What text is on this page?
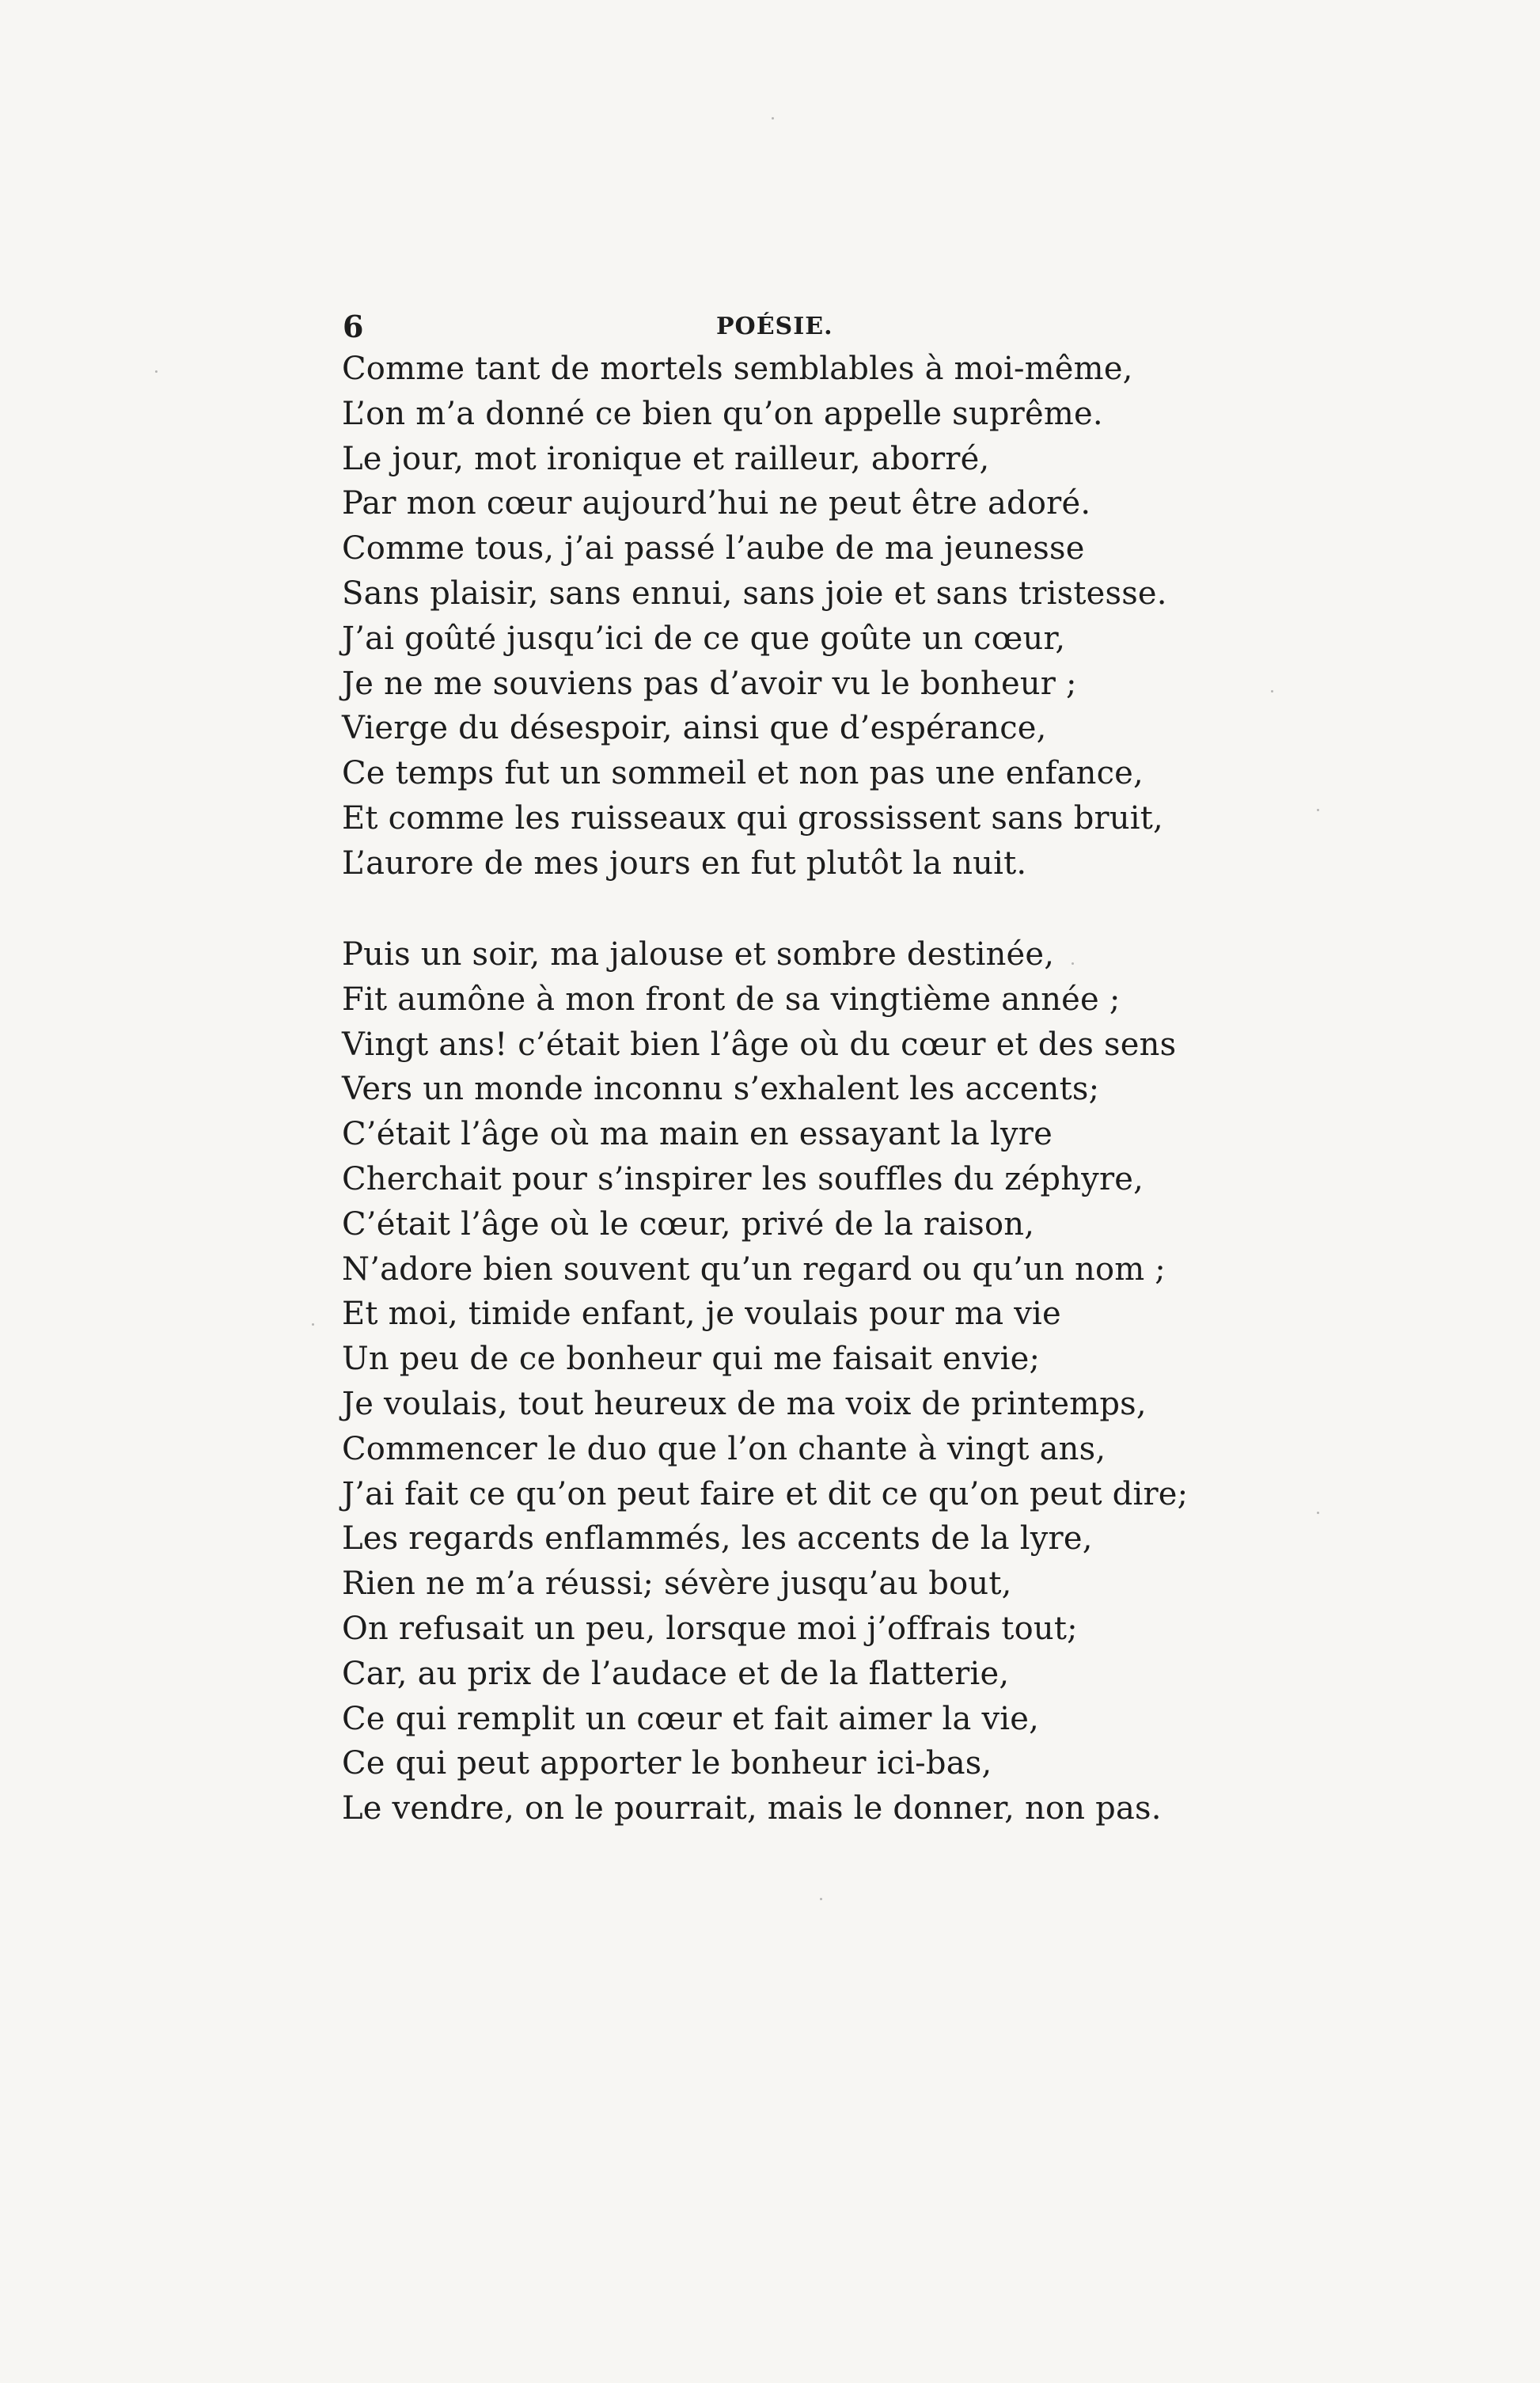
6	POÉSIE.
Comme tant de mortels semblables à moi-même,
L’on m’a donné ce bien qu’on appelle suprême.
Le jour, mot ironique et railleur, aborré,
Par mon cœur aujourd’hui ne peut être adoré.
Comme tous, j’ai passé l’aube de ma jeunesse
Sans plaisir, sans ennui, sans joie et sans tristesse.
J’ai goûté jusqu’ici de ce que goûte un cœur,
Je ne me souviens pas d’avoir vu le bonheur ;
Vierge du désespoir, ainsi que d’espérance,
Ce temps fut un sommeil et non pas une enfance,
Et comme les ruisseaux qui grossissent sans bruit,
L’aurore de mes jours en fut plutôt la nuit.
Puis un soir, ma jalouse et sombre destinée,
Fit aumône à mon front de sa vingtième année ;
Vingt ans! c’était bien l’âge où du cœur et des sens
Vers un monde inconnu s’exhalent les accents;
C’était l’âge où ma main en essayant la lyre
Cherchait pour s’inspirer les souffles du zéphyre,
C’était l’âge où le cœur, privé de la raison,
N’adore bien souvent qu’un regard ou qu’un nom ;
Et moi, timide enfant, je voulais pour ma vie
Un peu de ce bonheur qui me faisait envie;
Je voulais, tout heureux de ma voix de printemps,
Commencer le duo que l’on chante à vingt ans,
J’ai fait ce qu’on peut faire et dit ce qu’on peut dire;
Les regards enflammés, les accents de la lyre,
Rien ne m’a réussi; sévère jusqu’au bout,
On refusait un peu, lorsque moi j’offrais tout;
Car, au prix de l’audace et de la flatterie,
Ce qui remplit un cœur et fait aimer la vie,
Ce qui peut apporter le bonheur ici-bas,
Le vendre, on le pourrait, mais le donner, non pas.
